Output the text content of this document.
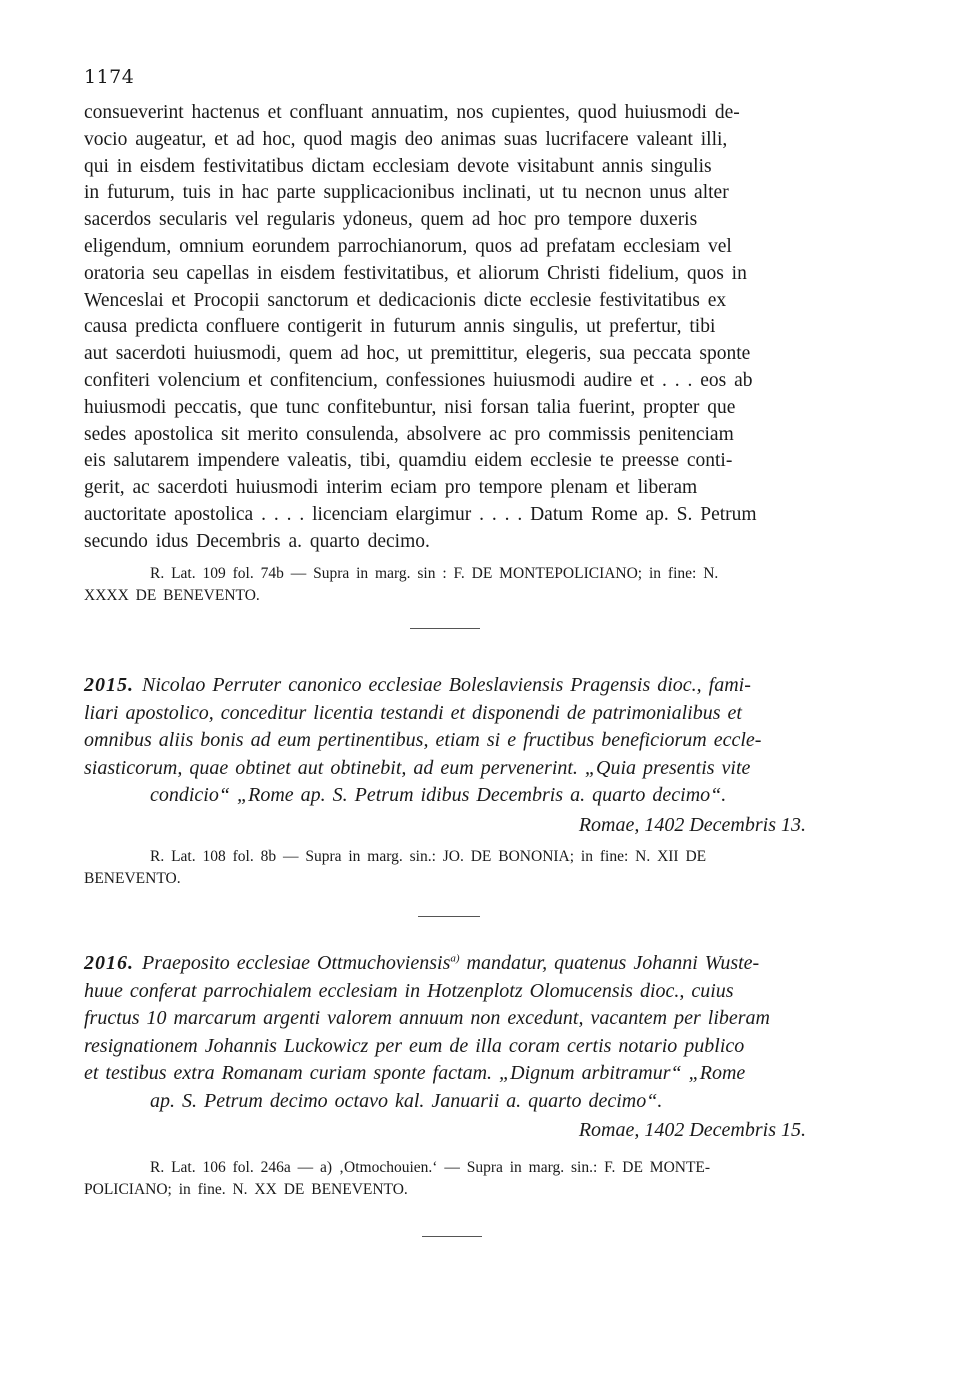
1174
consueverint hactenus et confluant annuatim, nos cupientes, quod huiusmodi de-
vocio augeatur, et ad hoc, quod magis deo animas suas lucrifacere valeant illi,
qui in eisdem festivitatibus dictam ecclesiam devote visitabunt annis singulis
in futurum, tuis in hac parte supplicacionibus inclinati, ut tu necnon unus alter
sacerdos secularis vel regularis ydoneus, quem ad hoc pro tempore duxeris
eligendum, omnium eorundem parrochianorum, quos ad prefatam ecclesiam vel
oratoria seu capellas in eisdem festivitatibus, et aliorum Christi fidelium, quos in
Wenceslai et Procopii sanctorum et dedicacionis dicte ecclesie festivitatibus ex
causa predicta confluere contigerit in futurum annis singulis, ut prefertur, tibi
aut sacerdoti huiusmodi, quem ad hoc, ut premittitur, elegeris, sua peccata sponte
confiteri volencium et confitencium, confessiones huiusmodi audire et . . . eos ab
huiusmodi peccatis, que tunc confitebuntur, nisi forsan talia fuerint, propter que
sedes apostolica sit merito consulenda, absolvere ac pro commissis penitenciam
eis salutarem impendere valeatis, tibi, quamdiu eidem ecclesie te preesse conti-
gerit, ac sacerdoti huiusmodi interim eciam pro tempore plenam et liberam
auctoritate apostolica . . . . licenciam elargimur . . . . Datum Rome ap. S. Petrum
secundo idus Decembris a. quarto decimo.
R. Lat. 109 fol. 74b — Supra in marg. sin : F. DE MONTEPOLICIANO; in fine: N.
XXXX DE BENEVENTO.
2015. Nicolao Perruter canonico ecclesiae Boleslaviensis Pragensis dioc., fami-
liari apostolico, conceditur licentia testandi et disponendi de patrimonialibus et
omnibus aliis bonis ad eum pertinentibus, etiam si e fructibus beneficiorum eccle-
siasticorum, quae obtinet aut obtinebit, ad eum pervenerint. „Quia presentis vite
condicio“ „Rome ap. S. Petrum idibus Decembris a. quarto decimo“.
Romae, 1402 Decembris 13.
R. Lat. 108 fol. 8b — Supra in marg. sin.: JO. DE BONONIA; in fine: N. XII DE
BENEVENTO.
2016. Praeposito ecclesiae Ottmuchoviensis$^{a)}$ mandatur, quatenus Johanni Wuste-
huue conferat parrochialem ecclesiam in Hotzenplotz Olomucensis dioc., cuius
fructus 10 marcarum argenti valorem annuum non excedunt, vacantem per liberam
resignationem Johannis Luckowicz per eum de illa coram certis notario publico
et testibus extra Romanam curiam sponte factam. „Dignum arbitramur“ „Rome
ap. S. Petrum decimo octavo kal. Januarii a. quarto decimo“.
Romae, 1402 Decembris 15.
R. Lat. 106 fol. 246a — a) ‚Otmochouien.‘ — Supra in marg. sin.: F. DE MONTE-
POLICIANO; in fine. N. XX DE BENEVENTO.
